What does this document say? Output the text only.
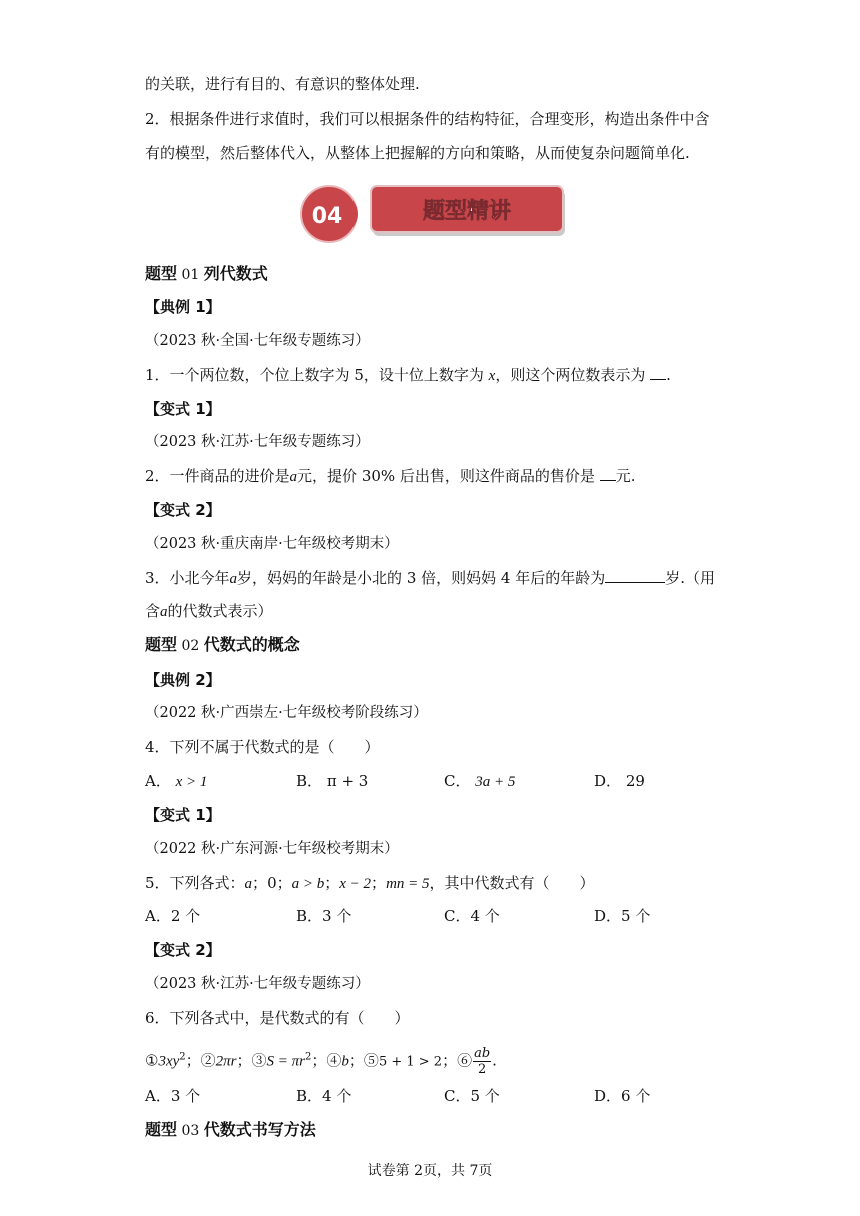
的关联，进行有目的、有意识的整体处理.
2．根据条件进行求值时，我们可以根据条件的结构特征，合理变形，构造出条件中含
有的模型，然后整体代入，从整体上把握解的方向和策略，从而使复杂问题简单化.
04	题型精讲
题型 01 列代数式
【典例 1】
（2023 秋·全国·七年级专题练习）
1．一个两位数，个位上数字为 5，设十位上数字为 x，则这个两位数表示为 .
【变式 1】
（2023 秋·江苏·七年级专题练习）
2．一件商品的进价是a元，提价 30% 后出售，则这件商品的售价是 元.
【变式 2】
（2023 秋·重庆南岸·七年级校考期末）
3．小北今年a岁，妈妈的年龄是小北的 3 倍，则妈妈 4 年后的年龄为	岁.（用
含a的代数式表示）
题型 02 代数式的概念
【典例 2】
（2022 秋·广西崇左·七年级校考阶段练习）
4．下列不属于代数式的是（　　）
A． x > 1	B． π + 3	C． 3a + 5	D． 29
【变式 1】
（2022 秋·广东河源·七年级校考期末）
5．下列各式：a；0；a > b；x − 2；mn = 5，其中代数式有（　　）
A．2 个	B．3 个	C．4 个	D．5 个
【变式 2】
（2023 秋·江苏·七年级专题练习）
6．下列各式中，是代数式的有（　　）
$①3xy^2$；②2πr；③S = $\pi r^2$；④b；⑤5 + 1 > 2；⑥ $\frac{ab}{2}$ .
A．3 个	B．4 个	C．5 个	D．6 个
题型 03 代数式书写方法
试卷第 2页，共 7页
